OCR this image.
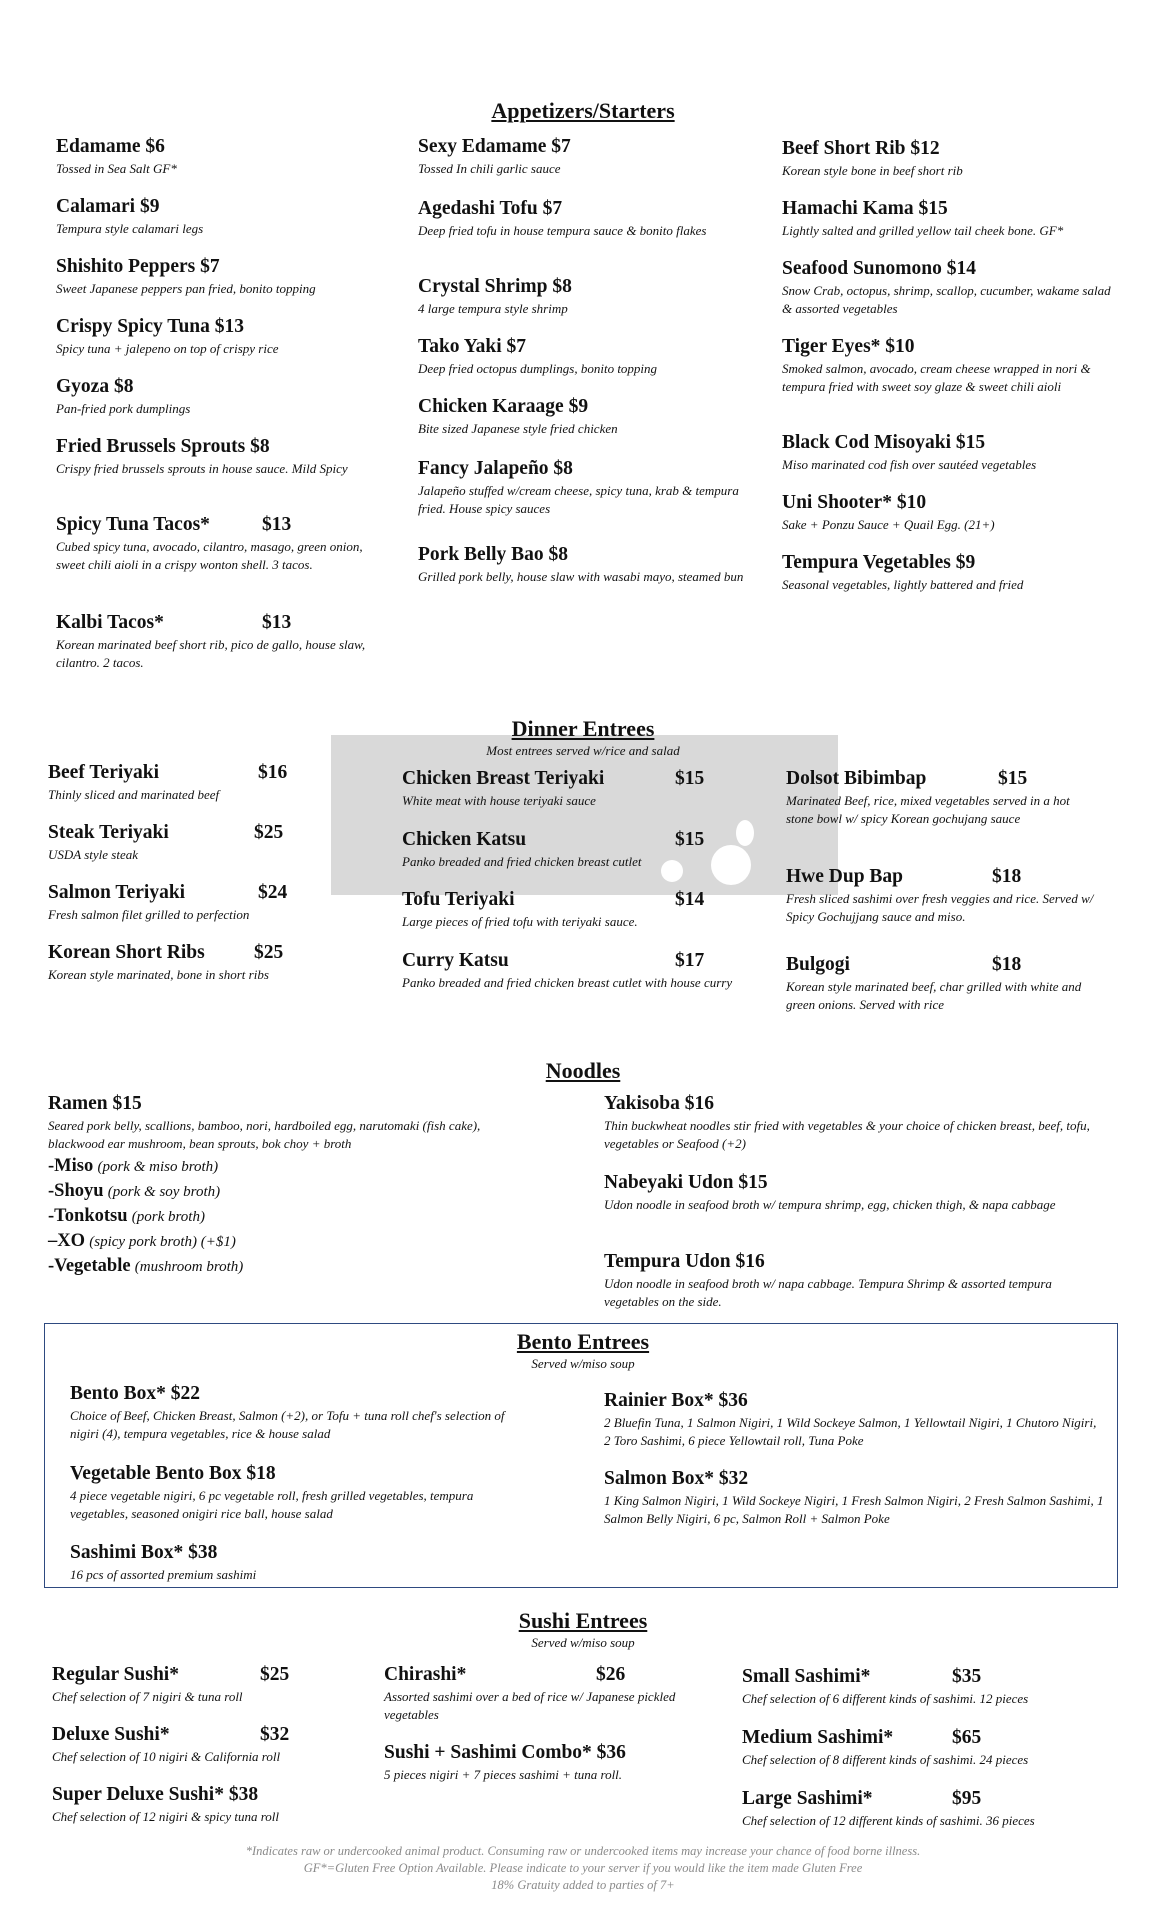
Appetizers/Starters
Edamame $6
Tossed in Sea Salt GF*
Calamari $9
Tempura style calamari legs
Shishito Peppers $7
Sweet Japanese peppers pan fried, bonito topping
Crispy Spicy Tuna $13
Spicy tuna + jalepeno on top of crispy rice
Gyoza $8
Pan-fried pork dumplings
Fried Brussels Sprouts $8
Crispy fried brussels sprouts in house sauce. Mild Spicy
Spicy Tuna Tacos*	$13
Cubed spicy tuna, avocado, cilantro, masago, green onion, sweet chili aioli in a crispy wonton shell. 3 tacos.
Kalbi Tacos*	$13
Korean marinated beef short rib, pico de gallo, house slaw, cilantro. 2 tacos.
Sexy Edamame $7
Tossed In chili garlic sauce
Agedashi Tofu $7
Deep fried tofu in house tempura sauce & bonito flakes
Crystal Shrimp $8
4 large tempura style shrimp
Tako Yaki $7
Deep fried octopus dumplings, bonito topping
Chicken Karaage $9
Bite sized Japanese style fried chicken
Fancy Jalapeño $8
Jalapeño stuffed w/cream cheese, spicy tuna, krab & tempura fried. House spicy sauces
Pork Belly Bao $8
Grilled pork belly, house slaw with wasabi mayo, steamed bun
Beef Short Rib $12
Korean style bone in beef short rib
Hamachi Kama $15
Lightly salted and grilled yellow tail cheek bone. GF*
Seafood Sunomono $14
Snow Crab, octopus, shrimp, scallop, cucumber, wakame salad & assorted vegetables
Tiger Eyes* $10
Smoked salmon, avocado, cream cheese wrapped in nori & tempura fried with sweet soy glaze & sweet chili aioli
Black Cod Misoyaki $15
Miso marinated cod fish over sautéed vegetables
Uni Shooter* $10
Sake + Ponzu Sauce + Quail Egg. (21+)
Tempura Vegetables $9
Seasonal vegetables, lightly battered and fried
Dinner Entrees
Most entrees served w/rice and salad
Beef Teriyaki	$16
Thinly sliced and marinated beef
Steak Teriyaki	$25
USDA style steak
Salmon Teriyaki	$24
Fresh salmon filet grilled to perfection
Korean Short Ribs	$25
Korean style marinated, bone in short ribs
Chicken Breast Teriyaki	$15
White meat with house teriyaki sauce
Chicken Katsu	$15
Panko breaded and fried chicken breast cutlet
Tofu Teriyaki	$14
Large pieces of fried tofu with teriyaki sauce.
Curry Katsu	$17
Panko breaded and fried chicken breast cutlet with house curry
Dolsot Bibimbap	$15
Marinated Beef, rice, mixed vegetables served in a hot stone bowl w/ spicy Korean gochujang sauce
Hwe Dup Bap	$18
Fresh sliced sashimi over fresh veggies and rice. Served w/ Spicy Gochujjang sauce and miso.
Bulgogi	$18
Korean style marinated beef, char grilled with white and green onions. Served with rice
Noodles
Ramen $15
Seared pork belly, scallions, bamboo, nori, hardboiled egg, narutomaki (fish cake), blackwood ear mushroom, bean sprouts, bok choy + broth
-Miso (pork & miso broth)
-Shoyu (pork & soy broth)
-Tonkotsu (pork broth)
–XO (spicy pork broth) (+$1)
-Vegetable (mushroom broth)
Yakisoba $16
Thin buckwheat noodles stir fried with vegetables & your choice of chicken breast, beef, tofu, vegetables or Seafood (+2)
Nabeyaki Udon $15
Udon noodle in seafood broth w/ tempura shrimp, egg, chicken thigh, & napa cabbage
Tempura Udon $16
Udon noodle in seafood broth w/ napa cabbage. Tempura Shrimp & assorted tempura vegetables on the side.
Bento Entrees
Served w/miso soup
Bento Box* $22
Choice of Beef, Chicken Breast, Salmon (+2), or Tofu + tuna roll chef's selection of nigiri (4), tempura vegetables, rice & house salad
Vegetable Bento Box $18
4 piece vegetable nigiri, 6 pc vegetable roll, fresh grilled vegetables, tempura vegetables, seasoned onigiri rice ball, house salad
Sashimi Box* $38
16 pcs of assorted premium sashimi
Rainier Box* $36
2 Bluefin Tuna, 1 Salmon Nigiri, 1 Wild Sockeye Salmon, 1 Yellowtail Nigiri, 1 Chutoro Nigiri, 2 Toro Sashimi, 6 piece Yellowtail roll, Tuna Poke
Salmon Box* $32
1 King Salmon Nigiri, 1 Wild Sockeye Nigiri, 1 Fresh Salmon Nigiri, 2 Fresh Salmon Sashimi, 1 Salmon Belly Nigiri, 6 pc, Salmon Roll + Salmon Poke
Sushi Entrees
Served w/miso soup
Regular Sushi*	$25
Chef selection of 7 nigiri & tuna roll
Deluxe Sushi*	$32
Chef selection of 10 nigiri & California roll
Super Deluxe Sushi* $38
Chef selection of 12 nigiri & spicy tuna roll
Chirashi*	$26
Assorted sashimi over a bed of rice w/ Japanese pickled vegetables
Sushi + Sashimi Combo* $36
5 pieces nigiri + 7 pieces sashimi + tuna roll.
Small Sashimi*	$35
Chef selection of 6 different kinds of sashimi. 12 pieces
Medium Sashimi*	$65
Chef selection of 8 different kinds of sashimi. 24 pieces
Large Sashimi*	$95
Chef selection of 12 different kinds of sashimi. 36 pieces
*Indicates raw or undercooked animal product. Consuming raw or undercooked items may increase your chance of food borne illness.
GF*=Gluten Free Option Available. Please indicate to your server if you would like the item made Gluten Free
18% Gratuity added to parties of 7+
